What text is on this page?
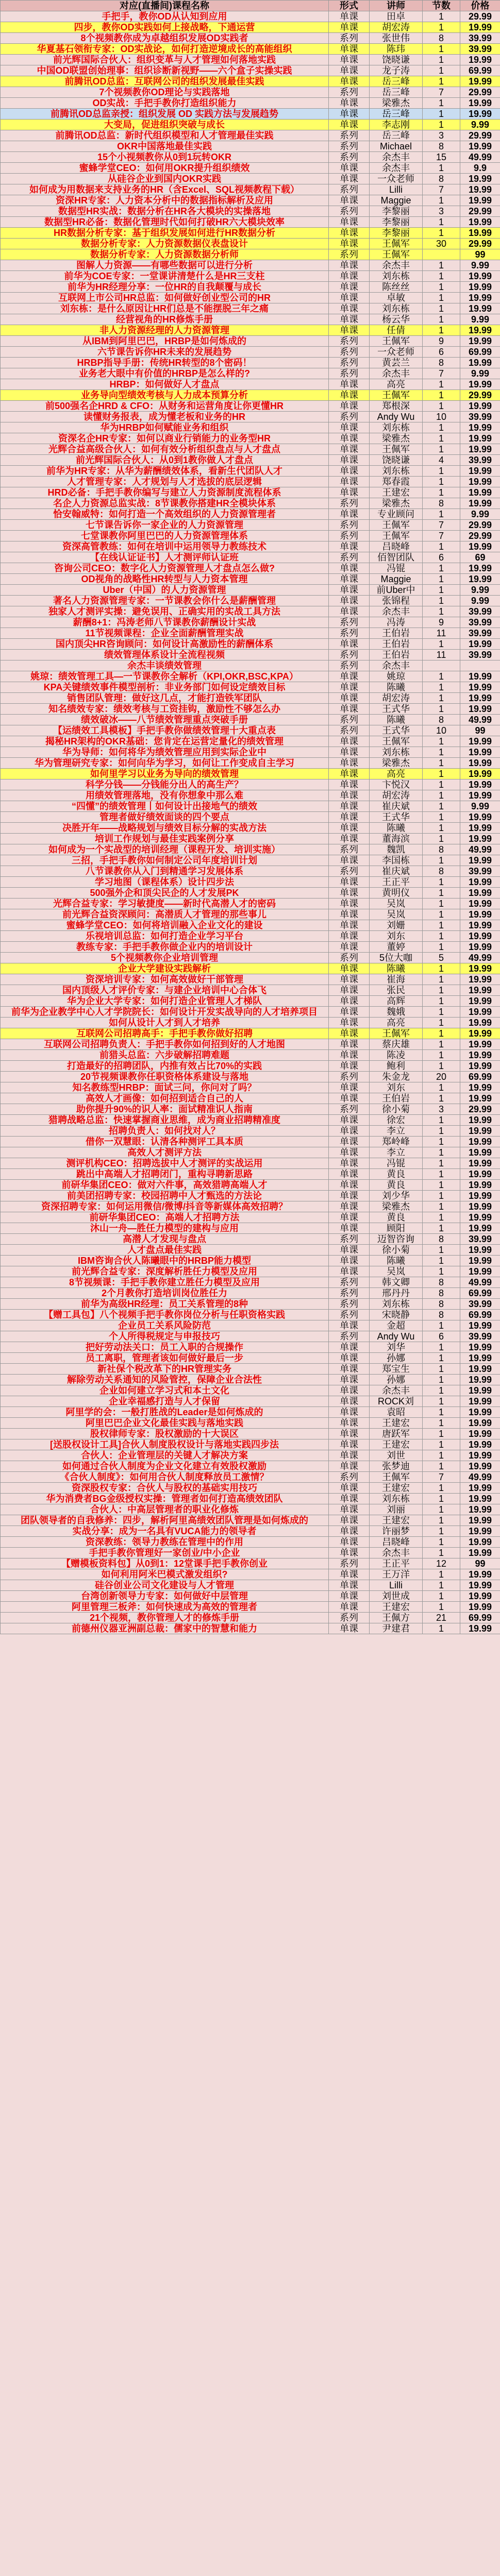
对应(直播间)课程名称	形式	讲师	节数	价格
手把手，教你OD从认知到应用	单课	田卓	1	29.99
四步，教你OD实践如何上接战略，下通运营	单课	胡宏涛	1	19.99
8个视频教你成为卓越组织发展OD实践者	系列	张世伟	8	39.99
华夏基石领衔专家：OD实战论，如何打造逆境成长的高能组织	单课	陈玮	1	39.99
前光辉国际合伙人：组织变革与人才管理如何落地实践	单课	饶晓谦	1	19.99
中国OD联盟创始理事：组织诊断新视野——六个盒子实操实践	单课	龙子涛	1	69.99
前腾讯OD总监：互联网公司的组织发展最佳实践	单课	岳三峰	1	19.99
7个视频教你OD理论与实践落地	系列	岳三峰	7	29.99
OD实战：手把手教你打造组织能力	单课	梁雅杰	1	19.99
前腾讯OD总监亲授：组织发展 OD 实践方法与发展趋势	单课	岳三峰	1	19.99
大变局，促进组织突破与成长	单课	李志刚	1	9.99
前腾讯OD总监：新时代组织模型和人才管理最佳实践	系列	岳三峰	3	29.99
OKR中国落地最佳实践	系列	Michael	8	19.99
15个小视频教你从0到1玩转OKR	系列	余杰丰	15	49.99
蜜蜂学堂CEO：如何用OKR提升组织绩效	单课	余杰丰	1	9.9
从硅谷企业到国内OKR实践	单课	一众老师	8	19.99
如何成为用数据来支持业务的HR（含Excel、SQL视频教程下载）	系列	Lilli	7	19.99
资深HR专家：人力资本分析中的数据指标解析及应用	单课	Maggie	1	19.99
数据型HR实战：数据分析在HR各大模块的实操落地	系列	李黎丽	3	29.99
数据型HR必备：数据化管理时代如何打破HR六大模块效率	单课	李黎丽	1	19.99
HR数据分析专家：基于组织发展如何进行HR数据分析	单课	李黎丽	1	19.99
数据分析专家：人力资源数据仪表盘设计	单课	王佩军	30	29.99
数据分析专家：人力资源数据分析师	系列	王佩军		99
图解人力资源——有哪些数据可以进行分析	单课	余杰丰	1	9.99
前华为COE专家：一堂课讲清楚什么是HR三支柱	单课	刘东栋	1	19.99
前华为HR经理分享：一位HR的自我颠覆与成长	单课	陈丝丝	1	19.99
互联网上市公司HR总监：如何做好创业型公司的HR	单课	卓敏	1	19.99
刘东栋：是什么原因让HR们总是不能摆脱三年之痛	单课	刘东栋	1	19.99
经营视角的HR修炼手册	单课	杨云华	1	9.99
非人力资源经理的人力资源管理	单课	任倩	1	19.99
从IBM到阿里巴巴，HRBP是如何炼成的	系列	王佩军	9	19.99
六节课告诉你HR未来的发展趋势	系列	一众老师	6	69.99
HRBP指导手册：传统HR转型的8个密码！	系列	黄芸兰	8	19.99
业务老大眼中有价值的HRBP是怎么样的?	系列	余杰丰	7	9.99
HRBP：如何做好人才盘点	单课	高亮	1	19.99
业务导向型绩效考核与人力成本预算分析	单课	王佩军	1	29.99
前500强名企HRD & CFO：从财务和运营角度让你更懂HR	单课	郑根深	1	19.99
读懂财务报表，成为懂老板和业务的HR	系列	Andy Wu	10	39.99
华为HRBP如何赋能业务和组织	单课	刘东栋	1	19.99
资深名企HR专家：如何以商业行销能力的业务型HR	单课	梁雅杰	1	19.99
光辉合益高级合伙人：如何有效分析组织盘点与人才盘点	单课	王佩军	1	19.99
前光辉国际合伙人：从0到1教你做人才盘点	单课	饶晓谦	4	39.99
前华为HR专家：从华为薪酬绩效体系，看新生代团队人才	单课	刘东栋	1	19.99
人才管理专家：人才规划与人才选拔的底层逻辑	单课	郑春霞	1	19.99
HRD必备：手把手教你编写与建立人力资源制度流程体系	单课	王建宏	1	19.99
名企人力资源总监实战：8节课教你搭建HR全模块体系	系列	梁雅杰	8	19.99
恰安翰威特：如何打造一个高效组织的人力资源管理者	单课	专业顾问	1	9.99
七节课告诉你一家企业的人力资源管理	系列	王佩军	7	29.99
七堂课教你阿里巴巴的人力资源管理体系	系列	王佩军	7	29.99
资深高管教练：如何在培训中运用领导力教练技术	单课	吕晓峰	1	19.99
【在线认证证书】人才测评师认证班	系列	佰智团队	6	69
咨询公司CEO：数字化人力资源管理人才盘点怎么做?	单课	冯锟	1	19.99
OD视角的战略性HR转型与人力资本管理	单课	Maggie	1	19.99
Uber（中国）的人力资源管理	单课	前Uber中	1	9.99
著名人力资源管理专家：一节课教会你什么是薪酬管理	单课	张锦程	1	9.99
独家人才测评实操：避免误用、正确实用的实战工具方法	单课	余杰丰	1	39.99
薪酬8+1：冯涛老师八节课教你薪酬设计实战	系列	冯涛	9	39.99
11节视频课程：企业全面薪酬管理实战	系列	王伯岩	11	39.99
国内顶尖HR咨询顾问：如何设计高激励性的薪酬体系	单课	王伯岩	1	19.99
绩效管理体系设计全流程视频	系列	王伯岩	11	39.99
余杰丰谈绩效管理	系列	余杰丰		
姚琼：绩效管理工具—一节课教你全解析（KPI,OKR,BSC,KPA）	单课	姚琼	1	19.99
KPA关键绩效事件模型剖析：非业务部门如何设定绩效目标	单课	陈曦	1	19.99
销售团队管理：做好这几点，才能打造铁军团队	单课	胡宏涛	1	19.99
知名绩效专家：绩效考核与工资挂钩，激励性不够怎么办	单课	王式华	1	19.99
绩效破冰——八节绩效管理重点突破手册	系列	陈曦	8	49.99
【运绩效工具模板】手把手教你做绩效管理十大重点表	系列	王式华	10	99
揭秘HR架构的OKR基础：您肯定在运营定量化的绩效管理	单课	王佩军	1	19.99
华为导师：如何将华为绩效管理应用到实际企业中	单课	刘东栋	1	19.99
华为管理研究专家：如何向华为学习，如何让工作变成自主学习	单课	梁雅杰	1	19.99
如何里学习以业务为导向的绩效管理	单课	高亮	1	19.99
科学分钱——分钱能分出人的高生产？	单课	卞悦汉	1	19.99
用绩效管理落地，没有你想象中那么难	单课	胡宏涛	1	19.99
“四懂”的绩效管理丨如何设计出接地气的绩效	单课	崔庆斌	1	9.99
管理者做好绩效面谈的四个要点	单课	王式华	1	19.99
决胜开年——战略规划与绩效目标分解的实战方法	单课	陈曦	1	19.99
培训工作规划与最佳实践案例分享	单课	董海滨	1	19.99
如何成为一个实战型的培训经理（课程开发、培训实施）	系列	魏凯	8	49.99
三招，手把手教你如何制定公司年度培训计划	单课	李国栋	1	19.99
八节课教你从入门到精通学习发展体系	系列	崔庆斌	8	39.99
学习地图（课程体系）设计四步法	单课	王正平	1	19.99
500强外企和顶尖民企的人才发展PK	单课	黄明仪	1	19.99
光辉合益专家：学习敏捷度——新时代高潜人才的密码	单课	吴岚	1	19.99
前光辉合益资深顾问：高潜质人才管理的那些事儿	单课	吴岚	1	19.99
蜜蜂学堂CEO：如何将培训融入企业文化的建设	单课	刘姗	1	19.99
乐视培训总监：如何打造企业学习平台	单课	刘东	1	19.99
教练专家：手把手教你做企业内的培训设计	单课	董婷	1	19.99
5个视频教你企业培训管理	系列	5位大咖	5	49.99
企业大学建设实践解析	单课	陈曦	1	19.99
资深培训专家：如何高效做好干部管理	单课	崔海	1	19.99
国内顶级人才评价专家：与建企业培训中心合体飞	单课	张民	1	19.99
华为企业大学专家：如何打造企业管理人才梯队	单课	高辉	1	19.99
前华为企业教学中心人才学院院长：如何设计开发实战导向的人才培养项目	单课	魏娥	1	19.99
如何从设计人才到人才培养	单课	高亮	1	19.99
互联网公司招聘高手：手把手教你做好招聘	单课	王佩军	1	19.99
互联网公司招聘负责人：手把手教你如何招到好的人才地图	单课	蔡庆雄	1	19.99
前猎头总监：六步破解招聘难题	单课	陈凌	1	19.99
打造最好的招聘团队，内推有效占比70%的实践	单课	鲍利	1	19.99
20节视频课教你任职资格体系建设与落地	系列	朱金龙	20	69.99
知名教练型HRBP：面试三问，你问对了吗？	单课	刘东	1	19.99
高效人才画像：如何招到适合自己的人	单课	王伯岩	1	19.99
助你提升90%的识人率：面试精准识人指南	系列	徐小菊	3	29.99
猎聘战略总监：快速掌握商业思维，成为商业招聘精准度	单课	徐宏	1	19.99
招聘负责人：如何找对人？	单课	李立	1	19.99
借你一双慧眼：认清各种测评工具本质	单课	郑岭峰	1	19.99
高效人才测评方法	单课	李立	1	19.99
测评机构CEO：招聘选拔中人才测评的实战运用	单课	冯锟	1	19.99
跳出中高端人才招聘闭门，重构寻聘新思路	单课	黄良	1	19.99
前研华集团CEO：做对六件事，高效猎聘高端人才	单课	黄良	1	19.99
前美团招聘专家：校园招聘中人才甄选的方法论	单课	刘少华	1	19.99
资深招聘专家：如何运用微信/微博/抖音等新媒体高效招聘？	单课	梁雅杰	1	19.99
前研华集团CEO：高端人才招聘方法	单课	黄良	1	19.99
沐山一舟—胜任力模型的建构与应用	单课	顾阳	1	19.99
高潜人才发现与盘点	系列	迈智咨询	8	39.99
人才盘点最佳实践	单课	徐小菊	1	19.99
IBM咨询合伙人陈曦眼中的HRBP能力模型	单课	陈曦	1	19.99
前光辉合益专家：深度解析胜任力模型及应用	单课	吴岚	1	19.99
8节视频课：手把手教你建立胜任力模型及应用	系列	韩文卿	8	49.99
2个月教你打造培训岗位胜任力	系列	邢丹丹	8	69.99
前华为高级HR经理：员工关系管理的8种	系列	刘东栋	8	39.99
【赠工具包】八个视频手把手教你岗位分析与任职资格实践	系列	宋晓静	8	69.99
企业员工关系风险防范	单课	金超	1	19.99
个人所得税规定与申报技巧	系列	Andy Wu	6	39.99
把好劳动法关口：员工入职的合规操作	单课	刘华	1	19.99
员工离职，管理者该如何做好最后一步	单课	孙娜	1	19.99
新社保个税改革下的HR管理实务	单课	郑宝生	1	19.99
解除劳动关系通知的风险管控，保障企业合法性	单课	孙娜	1	19.99
企业如何建立学习式和本土文化	单课	余杰丰	1	19.99
企业幸福感打造与人才保留	单课	ROCK刘	1	19.99
阿里学的会：一般打胜战的Leader是如何炼成的	单课	袁昭	1	19.99
阿里巴巴企业文化最佳实践与落地实践	单课	王建宏	1	19.99
股权律师专家：股权激励的十大误区	单课	唐跃军	1	19.99
[送股权设计工具]合伙人制度股权设计与落地实践四步法	单课	王建宏	1	19.99
合伙人：企业管理层的关键人才解决方案	单课	刘世	1	19.99
如何通过合伙人制度为企业文化建立有效股权激励	单课	张梦迪	1	19.99
《合伙人制度》：如何用合伙人制度释放员工激情？	系列	王佩军	7	49.99
资深股权专家：合伙人与股权的基础实用技巧	单课	王建宏	1	19.99
华为消费者BG金级授权实操：管理者如何打造高绩效团队	单课	刘东栋	1	19.99
合伙人：中高层管理者的职业化修炼	单课	刘丽	1	19.99
团队领导者的自我修养：四步，解析阿里高绩效团队管理是如何炼成的	单课	王建宏	1	19.99
实战分享：成为一名具有VUCA能力的领导者	单课	许丽梦	1	19.99
资深教练：领导力教练在管理中的作用	单课	吕晓峰	1	19.99
手把手教你管理好一家创业/中小企业	单课	余杰丰	1	19.99
【赠模板资料包】从0到1：12堂课手把手教你创业	系列	王正平	12	99
如何利用阿米巴模式激发组织?	单课	王万洋	1	19.99
硅谷创业公司文化建设与人才管理	单课	Lilli	1	19.99
台湾创新领导力专家：如何做好中层管理	单课	刘世成	1	19.99
阿里管理三板斧：如何快速成为高效的管理者	单课	王建宏	1	19.99
21个视频，教你管理人才的修炼手册	系列	王佩方	21	69.99
前德州仪器亚洲副总裁：儒家中的智慧和能力	单课	尹建君	1	19.99
